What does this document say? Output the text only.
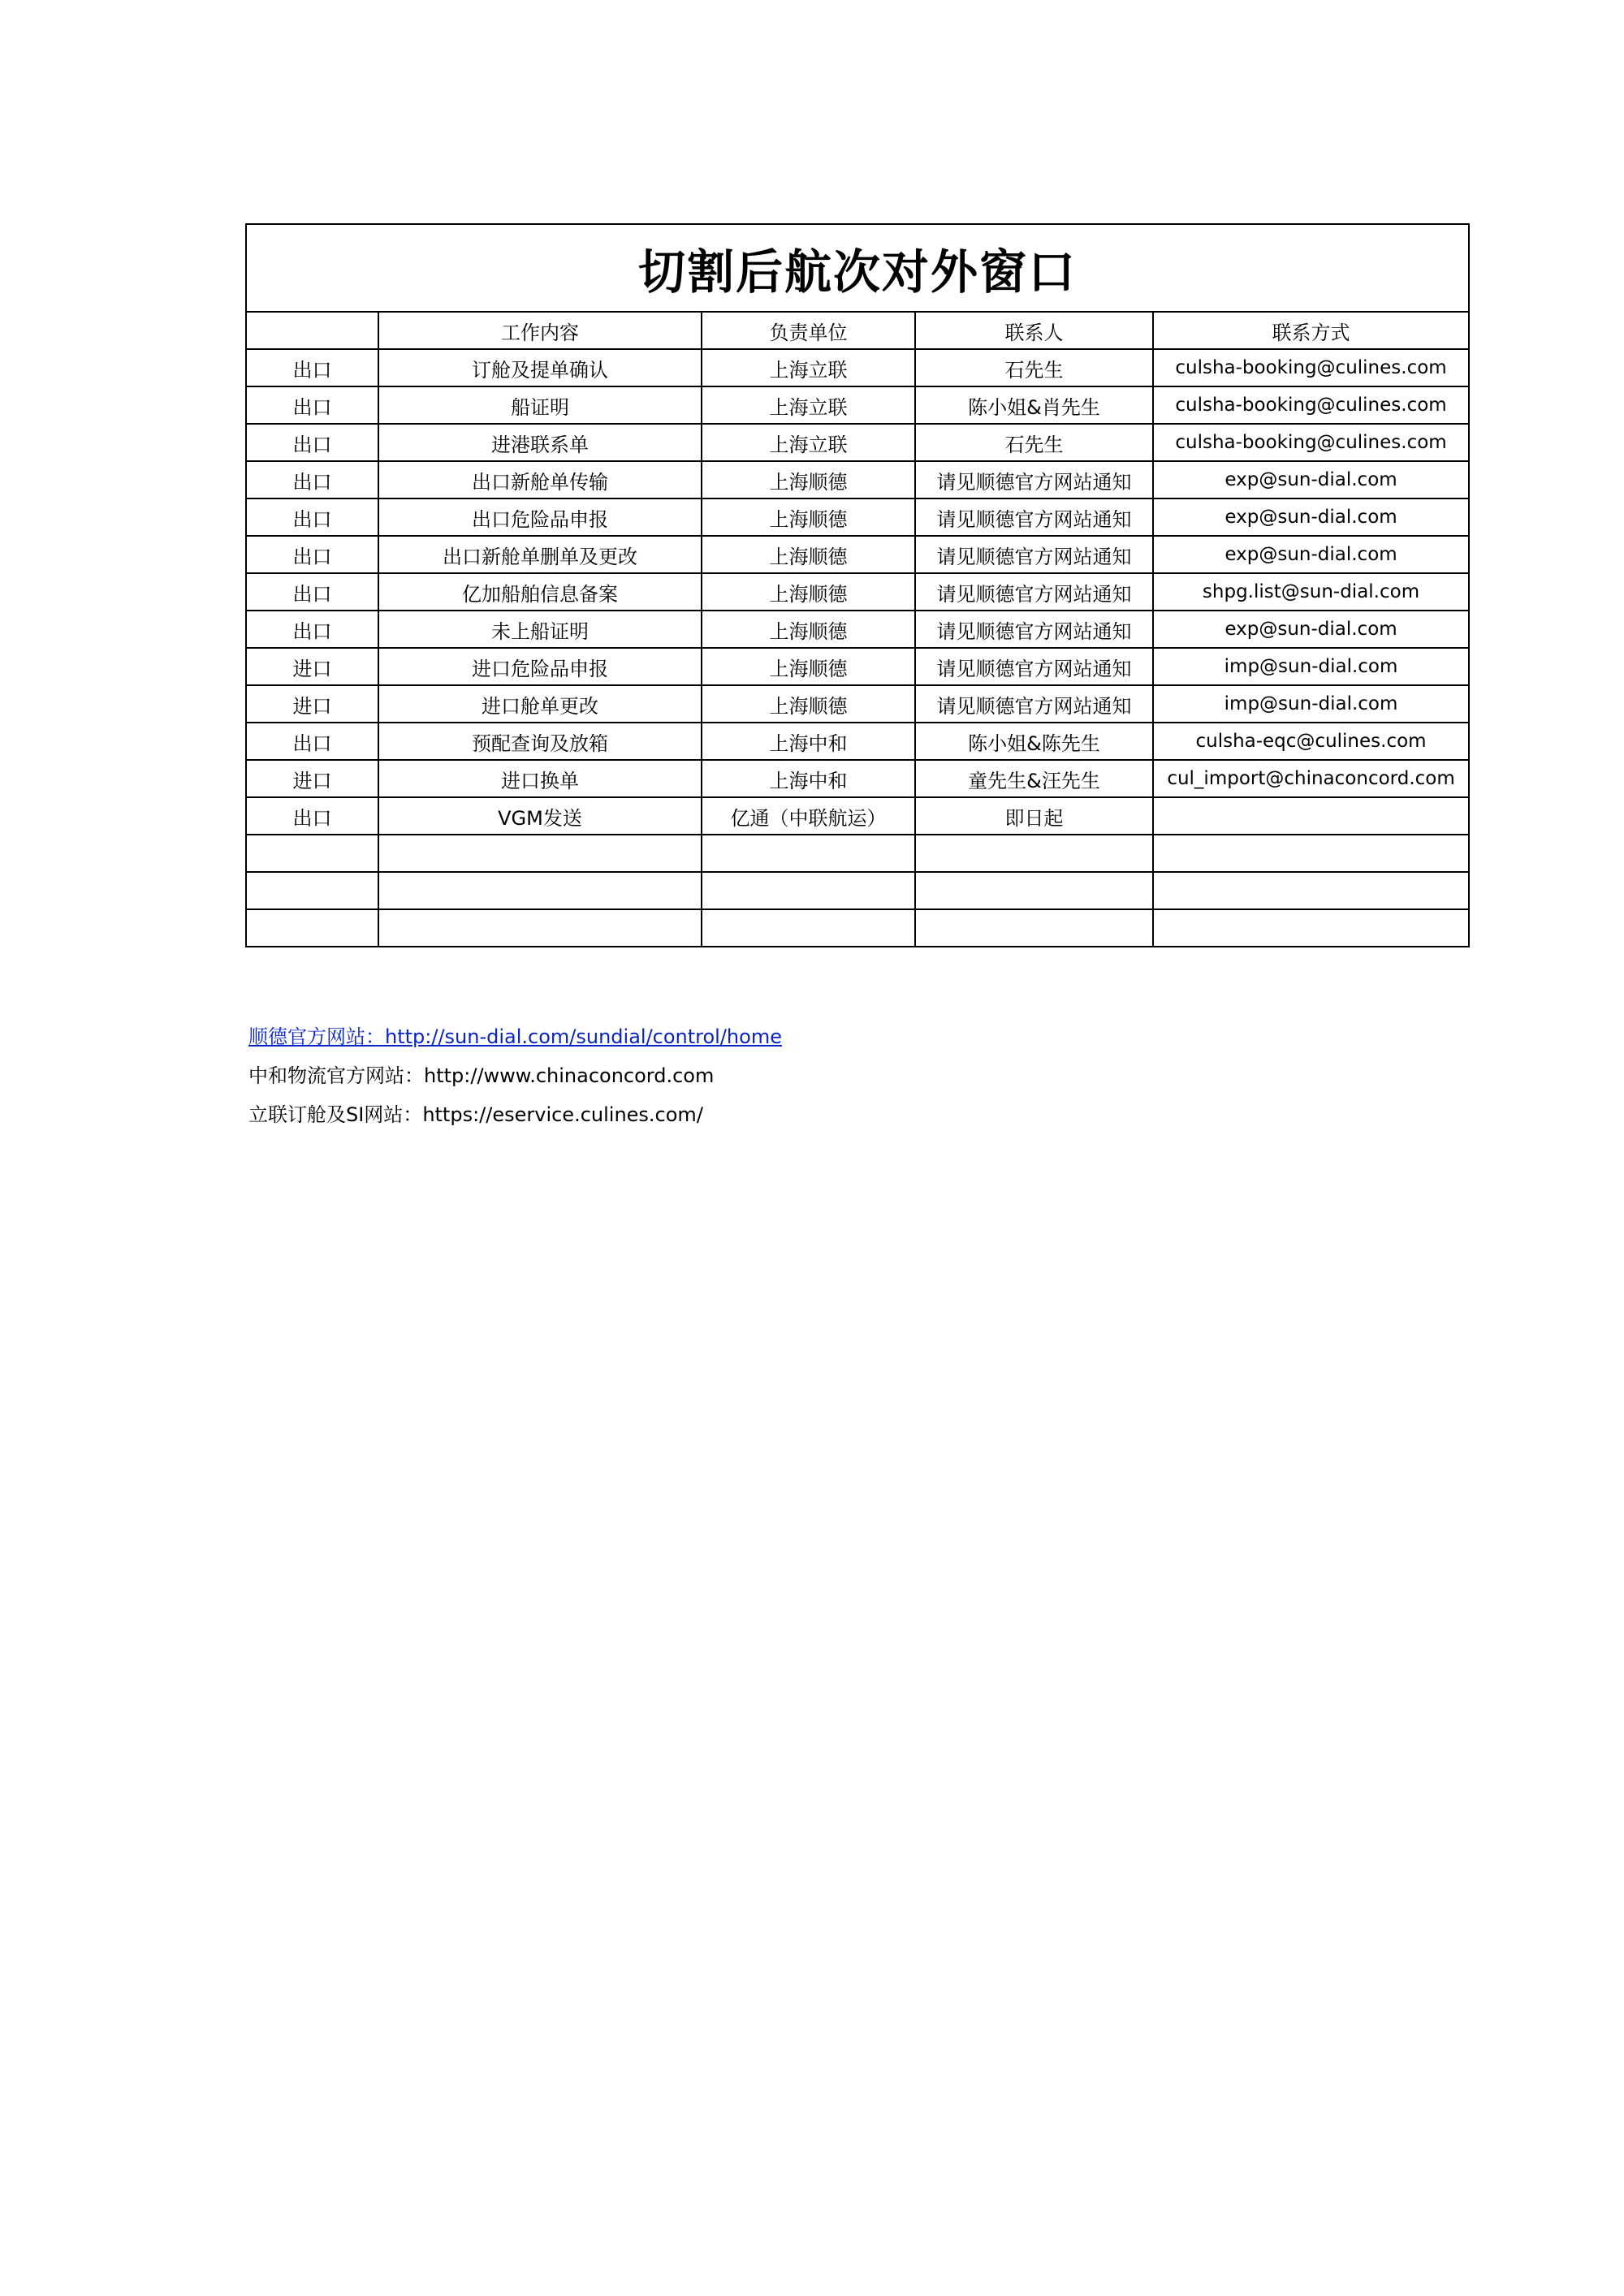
切割后航次对外窗口				
	工作内容	负责单位	联系人	联系方式
出口	订舱及提单确认	上海立联	石先生	culsha-booking@culines.com
出口	船证明	上海立联	陈小姐&肖先生	culsha-booking@culines.com
出口	进港联系单	上海立联	石先生	culsha-booking@culines.com
出口	出口新舱单传输	上海顺德	请见顺德官方网站通知	exp@sun-dial.com
出口	出口危险品申报	上海顺德	请见顺德官方网站通知	exp@sun-dial.com
出口	出口新舱单删单及更改	上海顺德	请见顺德官方网站通知	exp@sun-dial.com
出口	亿加船舶信息备案	上海顺德	请见顺德官方网站通知	shpg.list@sun-dial.com
出口	未上船证明	上海顺德	请见顺德官方网站通知	exp@sun-dial.com
进口	进口危险品申报	上海顺德	请见顺德官方网站通知	imp@sun-dial.com
进口	进口舱单更改	上海顺德	请见顺德官方网站通知	imp@sun-dial.com
出口	预配查询及放箱	上海中和	陈小姐&陈先生	culsha-eqc@culines.com
进口	进口换单	上海中和	童先生&汪先生	cul_import@chinaconcord.com
出口	VGM发送	亿通（中联航运）	即日起	

顺德官方网站：http://sun-dial.com/sundial/control/home
中和物流官方网站：http://www.chinaconcord.com
立联订舱及SI网站：https://eservice.culines.com/
